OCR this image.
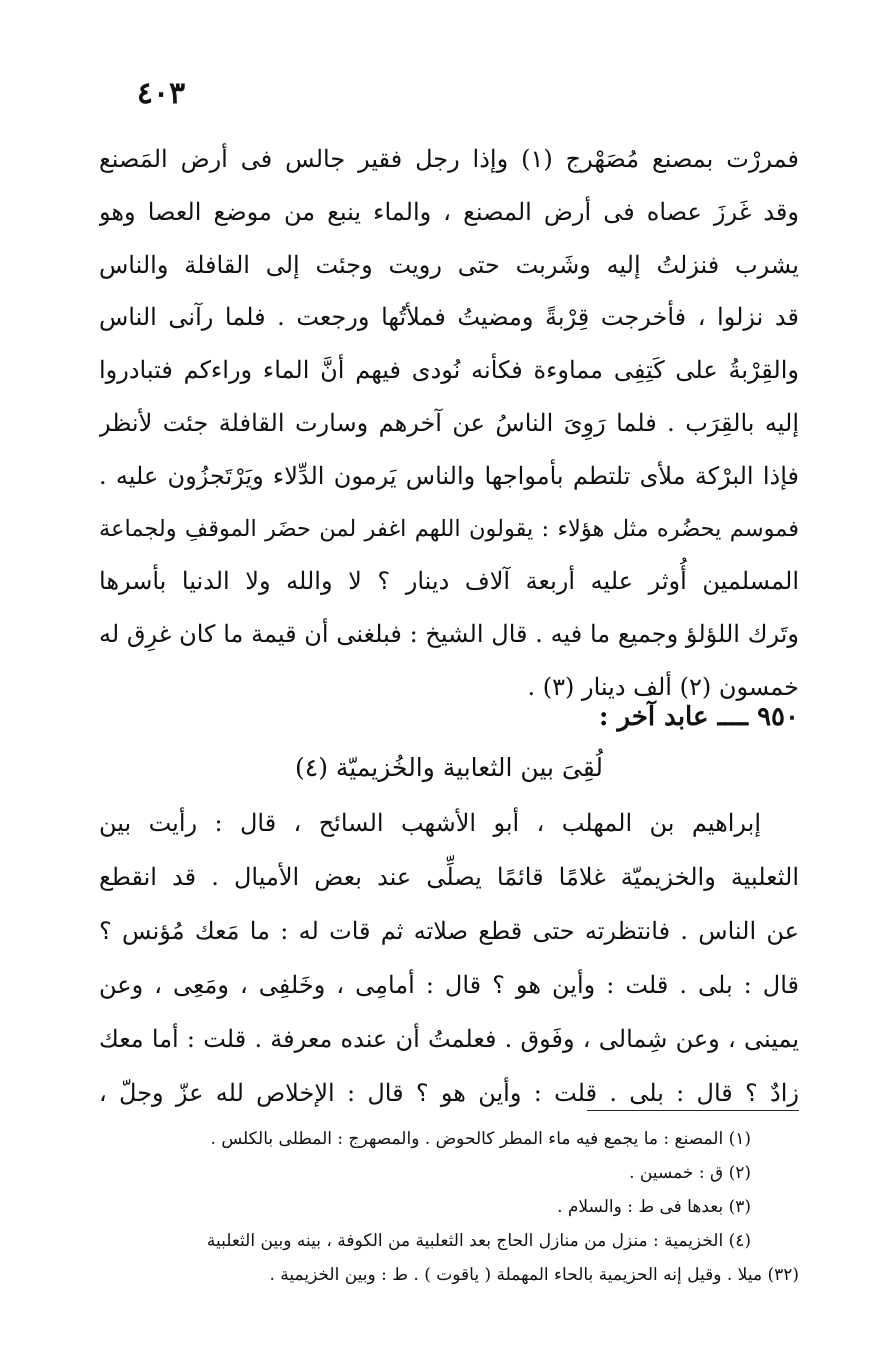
٤٠٣
فمررْت بمصنع مُصَهْرج (١) وإذا رجل فقير جالس فى أرض المَصنع
وقد غَرزَ عصاه فى أرض المصنع ، والماء ينبع من موضع العصا وهو
يشرب فنزلتُ إليه وشَربت حتى رويت وجئت إلى القافلة والناس
قد نزلوا ، فأخرجت قِرْبةً ومضيتُ فملأتُها ورجعت . فلما رآنى الناس
والقِرْبةُ على كَتِفِى مماوءة فكأنه نُودى فيهم أنَّ الماء وراءكم فتبادروا
إليه بالقِرَب . فلما رَوِىَ الناسُ عن آخرهم وسارت القافلة جئت لأنظر
فإذا البرْكة ملأى تلتطم بأمواجها والناس يَرمون الدِّلاء ويَرْتَجزُون عليه .
فموسم يحضُره مثل هؤلاء : يقولون اللهم اغفر لمن حضَر الموقفِ ولجماعة
المسلمين أُوثر عليه أربعة آلاف دينار ؟ لا والله ولا الدنيا بأسرها
وتَرك اللؤلؤ وجميع ما فيه . قال الشيخ : فبلغنى أن قيمة ما كان غرِق له
خمسون (٢) ألف دينار (٣) .
٩٥٠ ــــ عابد آخر :
لُقِىَ بين الثعابية والخُزيميّة (٤)
إبراهيم بن المهلب ، أبو الأشهب السائح ، قال : رأيت بين
الثعلبية والخزيميّة غلامًا قائمًا يصلِّى عند بعض الأميال . قد انقطع
عن الناس . فانتظرته حتى قطع صلاته ثم قات له : ما مَعك مُؤنس ؟
قال : بلى . قلت : وأين هو ؟ قال : أمامِى ، وخَلفِى ، ومَعِى ، وعن
يمينى ، وعن شِمالى ، وفَوق . فعلمتُ أن عنده معرفة . قلت : أما معك
زادٌ ؟ قال : بلى . قلت : وأين هو ؟ قال : الإخلاص لله عزّ وجلّ ،
(١) المصنع : ما يجمع فيه ماء المطر كالحوض . والمصهرج : المطلى بالكلس .
(٢) ق : خمسين .
(٣) بعدها فى ط : والسلام .
(٤) الخزيمية : منزل من منازل الحاج بعد الثعلبية من الكوفة ، بينه وبين الثعلبية
(٣٢) ميلا . وقيل إنه الحزيمية بالحاء المهملة ( ياقوت ) . ط : وبين الخزيمية .
